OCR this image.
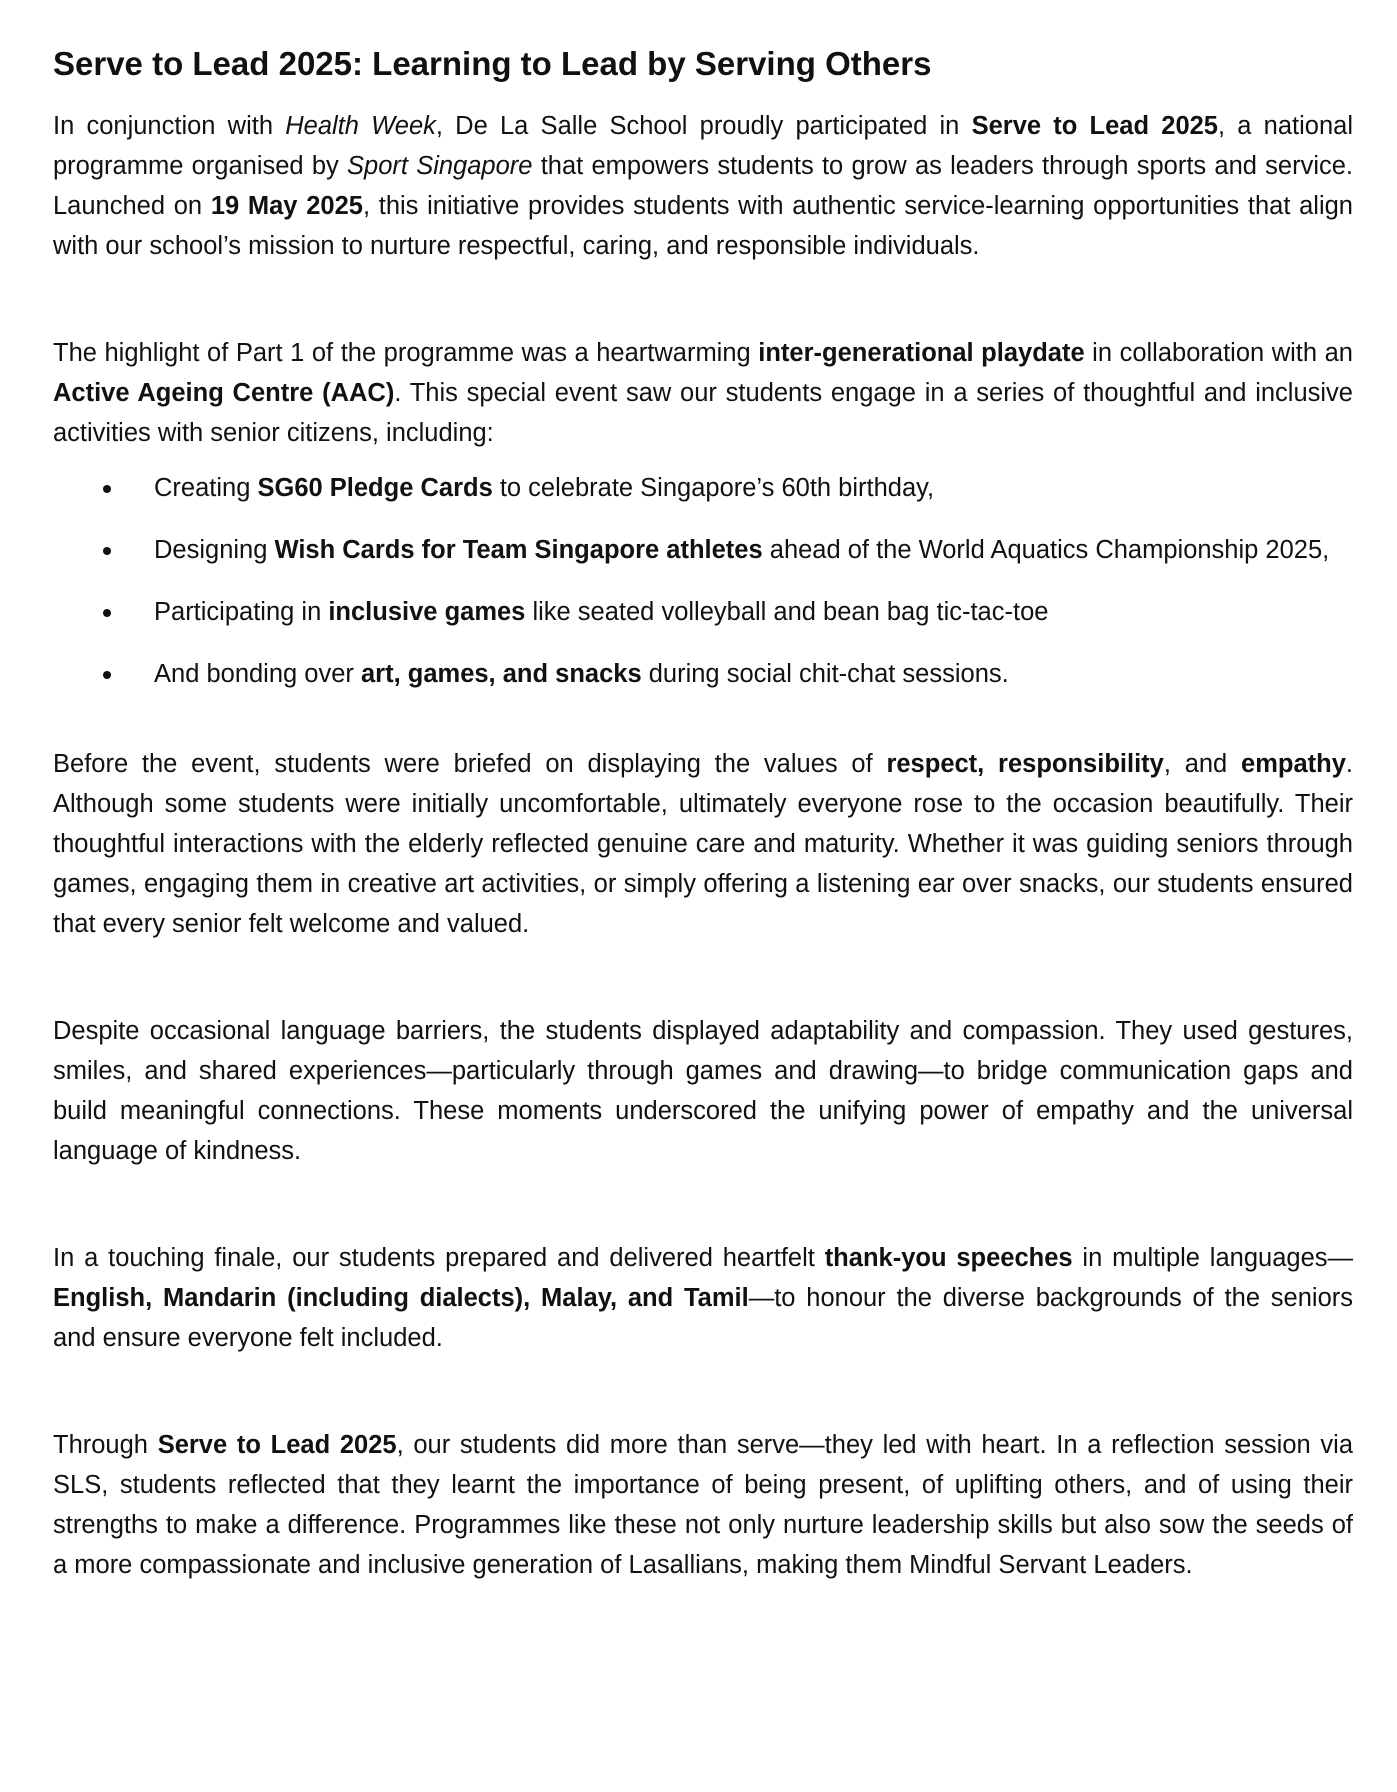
Serve to Lead 2025: Learning to Lead by Serving Others

In conjunction with Health Week, De La Salle School proudly participated in Serve to Lead 2025, a national programme organised by Sport Singapore that empowers students to grow as leaders through sports and service. Launched on 19 May 2025, this initiative provides students with authentic service-learning opportunities that align with our school’s mission to nurture respectful, caring, and responsible individuals.

The highlight of Part 1 of the programme was a heartwarming inter-generational playdate in collaboration with an Active Ageing Centre (AAC). This special event saw our students engage in a series of thoughtful and inclusive activities with senior citizens, including:

Creating SG60 Pledge Cards to celebrate Singapore’s 60th birthday,
Designing Wish Cards for Team Singapore athletes ahead of the World Aquatics Championship 2025,
Participating in inclusive games like seated volleyball and bean bag tic-tac-toe
And bonding over art, games, and snacks during social chit-chat sessions.

Before the event, students were briefed on displaying the values of respect, responsibility, and empathy. Although some students were initially uncomfortable, ultimately everyone rose to the occasion beautifully. Their thoughtful interactions with the elderly reflected genuine care and maturity. Whether it was guiding seniors through games, engaging them in creative art activities, or simply offering a listening ear over snacks, our students ensured that every senior felt welcome and valued.

Despite occasional language barriers, the students displayed adaptability and compassion. They used gestures, smiles, and shared experiences—particularly through games and drawing—to bridge communication gaps and build meaningful connections. These moments underscored the unifying power of empathy and the universal language of kindness.

In a touching finale, our students prepared and delivered heartfelt thank-you speeches in multiple languages—English, Mandarin (including dialects), Malay, and Tamil—to honour the diverse backgrounds of the seniors and ensure everyone felt included.

Through Serve to Lead 2025, our students did more than serve—they led with heart. In a reflection session via SLS, students reflected that they learnt the importance of being present, of uplifting others, and of using their strengths to make a difference. Programmes like these not only nurture leadership skills but also sow the seeds of a more compassionate and inclusive generation of Lasallians, making them Mindful Servant Leaders.
